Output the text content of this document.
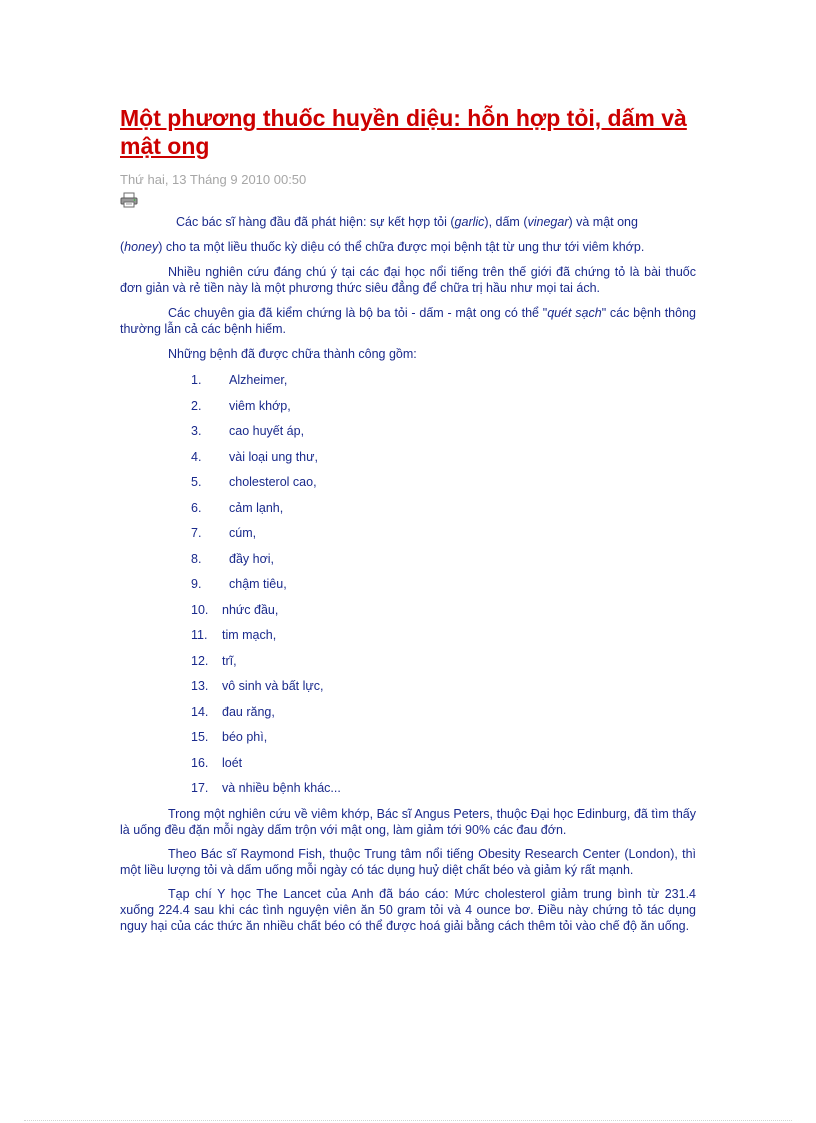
Một phương thuốc huyền diệu: hỗn hợp tỏi, dấm và mật ong
Thứ hai, 13 Tháng 9 2010 00:50

Các bác sĩ hàng đầu đã phát hiện: sự kết hợp tỏi (garlic), dấm (vinegar) và mật ong

(honey) cho ta một liều thuốc kỳ diệu có thể chữa được mọi bệnh tật từ ung thư tới viêm khớp.

Nhiều nghiên cứu đáng chú ý tại các đại học nổi tiếng trên thế giới đã chứng tỏ là bài thuốc đơn giản và rẻ tiền này là một phương thức siêu đẳng để chữa trị hầu như mọi tai ách.

Các chuyên gia đã kiểm chứng là bộ ba tỏi - dấm - mật ong có thể "quét sạch" các bệnh thông thường lẫn cả các bệnh hiếm.

Những bệnh đã được chữa thành công gồm:

1.	Alzheimer,
2.	viêm khớp,
3.	cao huyết áp,
4.	vài loại ung thư,
5.	cholesterol cao,
6.	cảm lạnh,
7.	cúm,
8.	đầy hơi,
9.	chậm tiêu,
10.	nhức đầu,
11.	tim mạch,
12.	trĩ,
13.	vô sinh và bất lực,
14.	đau răng,
15.	béo phì,
16.	loét
17.	và nhiều bệnh khác...

Trong một nghiên cứu về viêm khớp, Bác sĩ Angus Peters, thuộc Đại học Edinburg, đã tìm thấy là uống đều đặn mỗi ngày dấm trộn với mật ong, làm giảm tới 90% các đau đớn.

Theo Bác sĩ Raymond Fish, thuộc Trung tâm nổi tiếng Obesity Research Center (London), thì một liều lượng tỏi và dấm uống mỗi ngày có tác dụng huỷ diệt chất béo và giảm ký rất mạnh.

Tạp chí Y học The Lancet của Anh đã báo cáo: Mức cholesterol giảm trung bình từ 231.4 xuống 224.4 sau khi các tình nguyện viên ăn 50 gram tỏi và 4 ounce bơ. Điều này chứng tỏ tác dụng nguy hại của các thức ăn nhiều chất béo có thể được hoá giải bằng cách thêm tỏi vào chế độ ăn uống.
